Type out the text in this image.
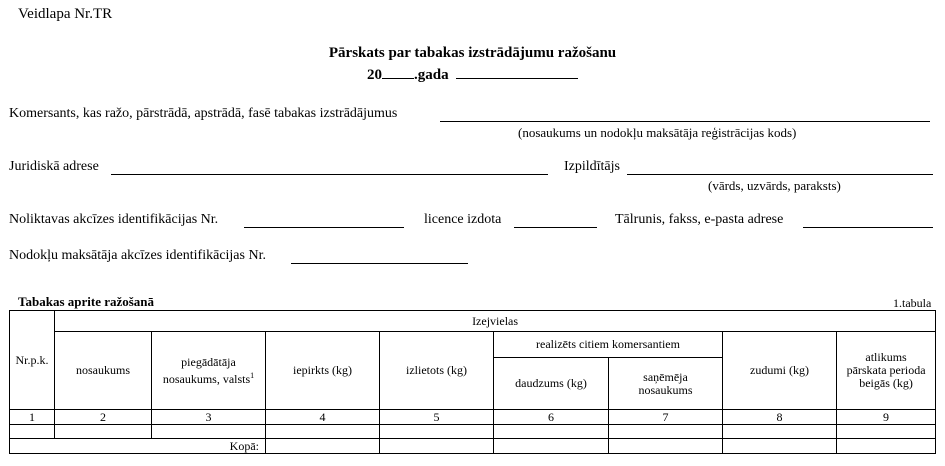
Veidlapa Nr.TR
Pārskats par tabakas izstrādājumu ražošanu
20 .gada
Komersants, kas ražo, pārstrādā, apstrādā, fasē tabakas izstrādājumus
(nosaukums un nodokļu maksātāja reģistrācijas kods)
Juridiskā adrese	Izpildītājs
(vārds, uzvārds, paraksts)
Noliktavas akcīzes identifikācijas Nr.	licence izdota	Tālrunis, fakss, e-pasta adrese
Nodokļu maksātāja akcīzes identifikācijas Nr.
Tabakas aprite ražošanā	1.tabula
Nr.p.k.	Izejvielas							
	nosaukums	piegādātāja nosaukums, valsts$^1$	iepirkts (kg)	izlietots (kg)	realizēts citiem komersantiem		zudumi (kg)	atlikums pārskata perioda beigās (kg)
					daudzums (kg)	saņēmēja nosaukums		
1	2	3	4	5	6	7	8	9

Kopā:								
